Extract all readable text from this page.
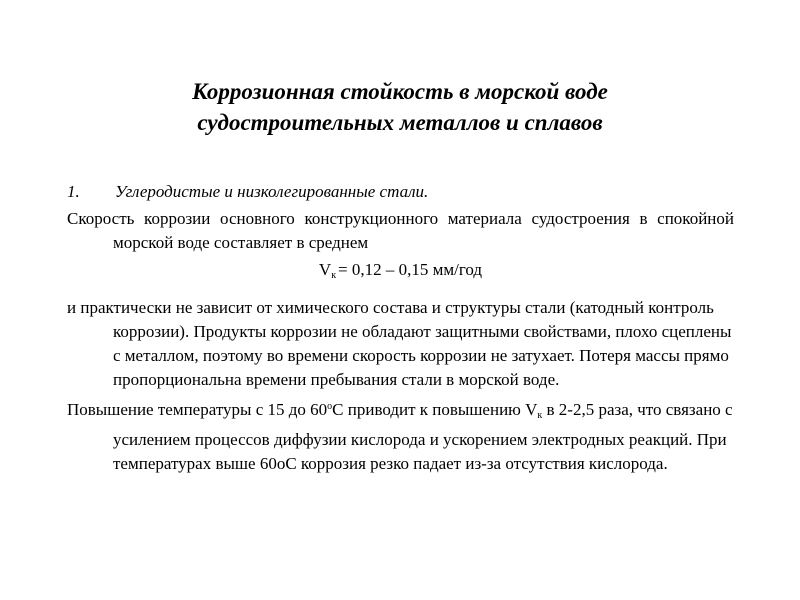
Коррозионная стойкость в морской воде
судостроительных металлов и сплавов
1.	Углеродистые и низколегированные стали.

Скорость коррозии основного конструкционного материала судостроения в спокойной морской воде составляет в среднем

$V_к = 0,12 - 0,15$ мм/год

и практически не зависит от химического состава и структуры стали (катодный контроль коррозии). Продукты коррозии не обладают защитными свойствами, плохо сцеплены с металлом, поэтому во времени скорость коррозии не затухает. Потеря массы прямо пропорциональна времени пребывания стали в морской воде.

Повышение температуры с 15 до $60^оС$ приводит к повышению $V_к$ в 2-2,5 раза, что связано с усилением процессов диффузии кислорода и ускорением электродных реакций. При температурах выше 60оС коррозия резко падает из-за отсутствия кислорода.
